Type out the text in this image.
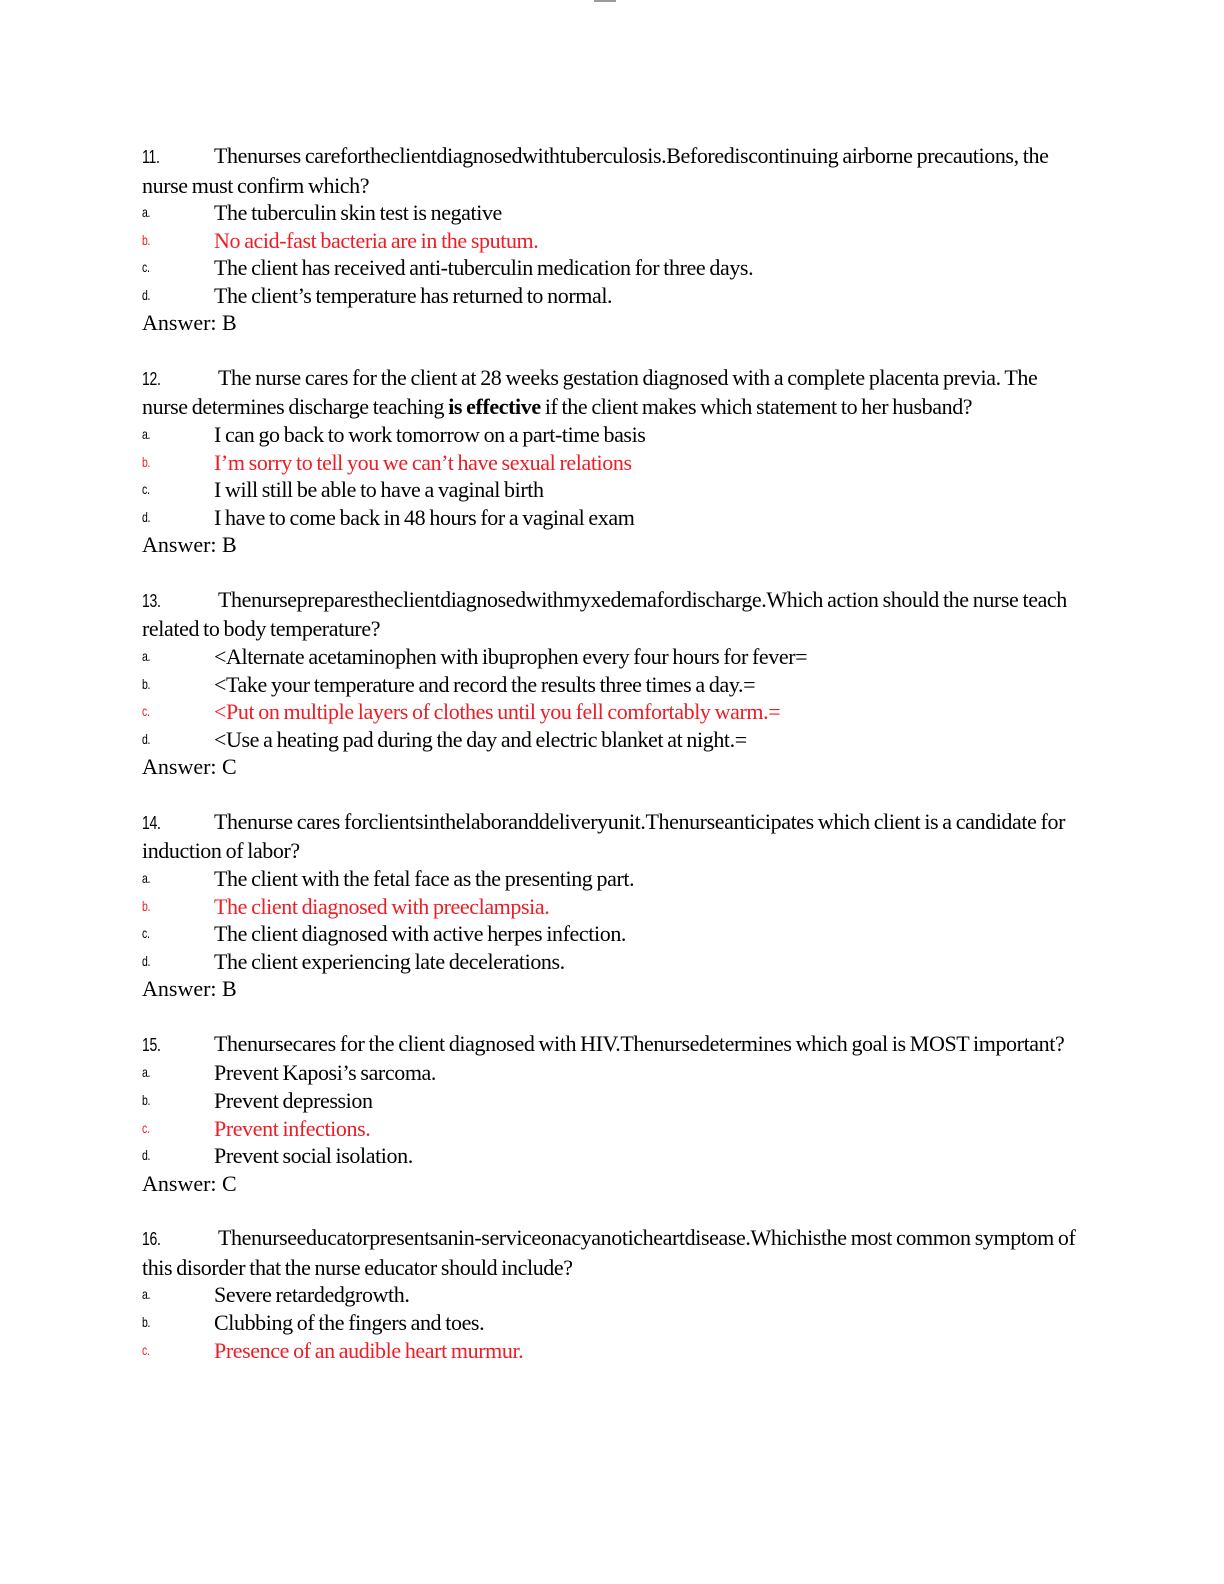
11. Thenurses carefortheclientdiagnosedwithtuberculosis.Beforediscontinuing airborne precautions, the nurse must confirm which?
a.	The tuberculin skin test is negative
b.	No acid-fast bacteria are in the sputum.
c.	The client has received anti-tuberculin medication for three days.
d.	The client’s temperature has returned to normal.
Answer: B
12.	The nurse cares for the client at 28 weeks gestation diagnosed with a complete placenta previa. The nurse determines discharge teaching is effective if the client makes which statement to her husband?
a.	I can go back to work tomorrow on a part-time basis
b.	I’m sorry to tell you we can’t have sexual relations
c.	I will still be able to have a vaginal birth
d.	I have to come back in 48 hours for a vaginal exam
Answer: B
13.	Thenursepreparestheclientdiagnosedwithmyxedemafordischarge.Which action should the nurse teach related to body temperature?
a.	<Alternate acetaminophen with ibuprophen every four hours for fever=
b.	<Take your temperature and record the results three times a day.=
c.	<Put on multiple layers of clothes until you fell comfortably warm.=
d.	<Use a heating pad during the day and electric blanket at night.=
Answer: C
14. Thenurse cares forclientsinthelaboranddeliveryunit.Thenurseanticipates which client is a candidate for induction of labor?
a.	The client with the fetal face as the presenting part.
b.	The client diagnosed with preeclampsia.
c.	The client diagnosed with active herpes infection.
d.	The client experiencing late decelerations.
Answer: B
15. Thenursecares for the client diagnosed with HIV.Thenursedetermines which goal is MOST important?
a.	Prevent Kaposi’s sarcoma.
b.	Prevent depression
c.	Prevent infections.
d.	Prevent social isolation.
Answer: C
16.	Thenurseeducatorpresentsanin-serviceonacyanoticheartdisease.Whichisthe most common symptom of this disorder that the nurse educator should include?
a.	Severe retardedgrowth.
b.	Clubbing of the fingers and toes.
c.	Presence of an audible heart murmur.
